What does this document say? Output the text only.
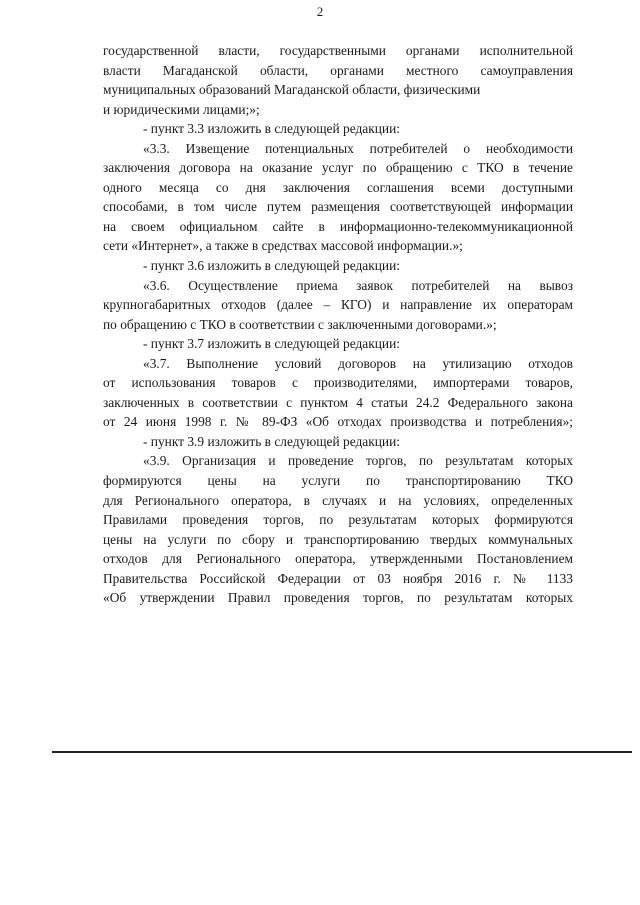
2
государственной власти, государственными органами исполнительной
власти Магаданской области, органами местного самоуправления
муниципальных образований Магаданской области, физическими
и юридическими лицами;»;
- пункт 3.3 изложить в следующей редакции:
«3.3. Извещение потенциальных потребителей о необходимости
заключения договора на оказание услуг по обращению с ТКО в течение
одного месяца со дня заключения соглашения всеми доступными
способами, в том числе путем размещения соответствующей информации
на своем официальном сайте в информационно-телекоммуникационной
сети «Интернет», а также в средствах массовой информации.»;
- пункт 3.6 изложить в следующей редакции:
«3.6. Осуществление приема заявок потребителей на вывоз
крупногабаритных отходов (далее – КГО) и направление их операторам
по обращению с ТКО в соответствии с заключенными договорами.»;
- пункт 3.7 изложить в следующей редакции:
«3.7. Выполнение условий договоров на утилизацию отходов
от использования товаров с производителями, импортерами товаров,
заключенных в соответствии с пунктом 4 статьи 24.2 Федерального закона
от 24 июня 1998 г. № 89-ФЗ «Об отходах производства и потребления»;
- пункт 3.9 изложить в следующей редакции:
«3.9. Организация и проведение торгов, по результатам которых
формируются цены на услуги по транспортированию ТКО
для Регионального оператора, в случаях и на условиях, определенных
Правилами проведения торгов, по результатам которых формируются
цены на услуги по сбору и транспортированию твердых коммунальных
отходов для Регионального оператора, утвержденными Постановлением
Правительства Российской Федерации от 03 ноября 2016 г. № 1133
«Об утверждении Правил проведения торгов, по результатам которых
